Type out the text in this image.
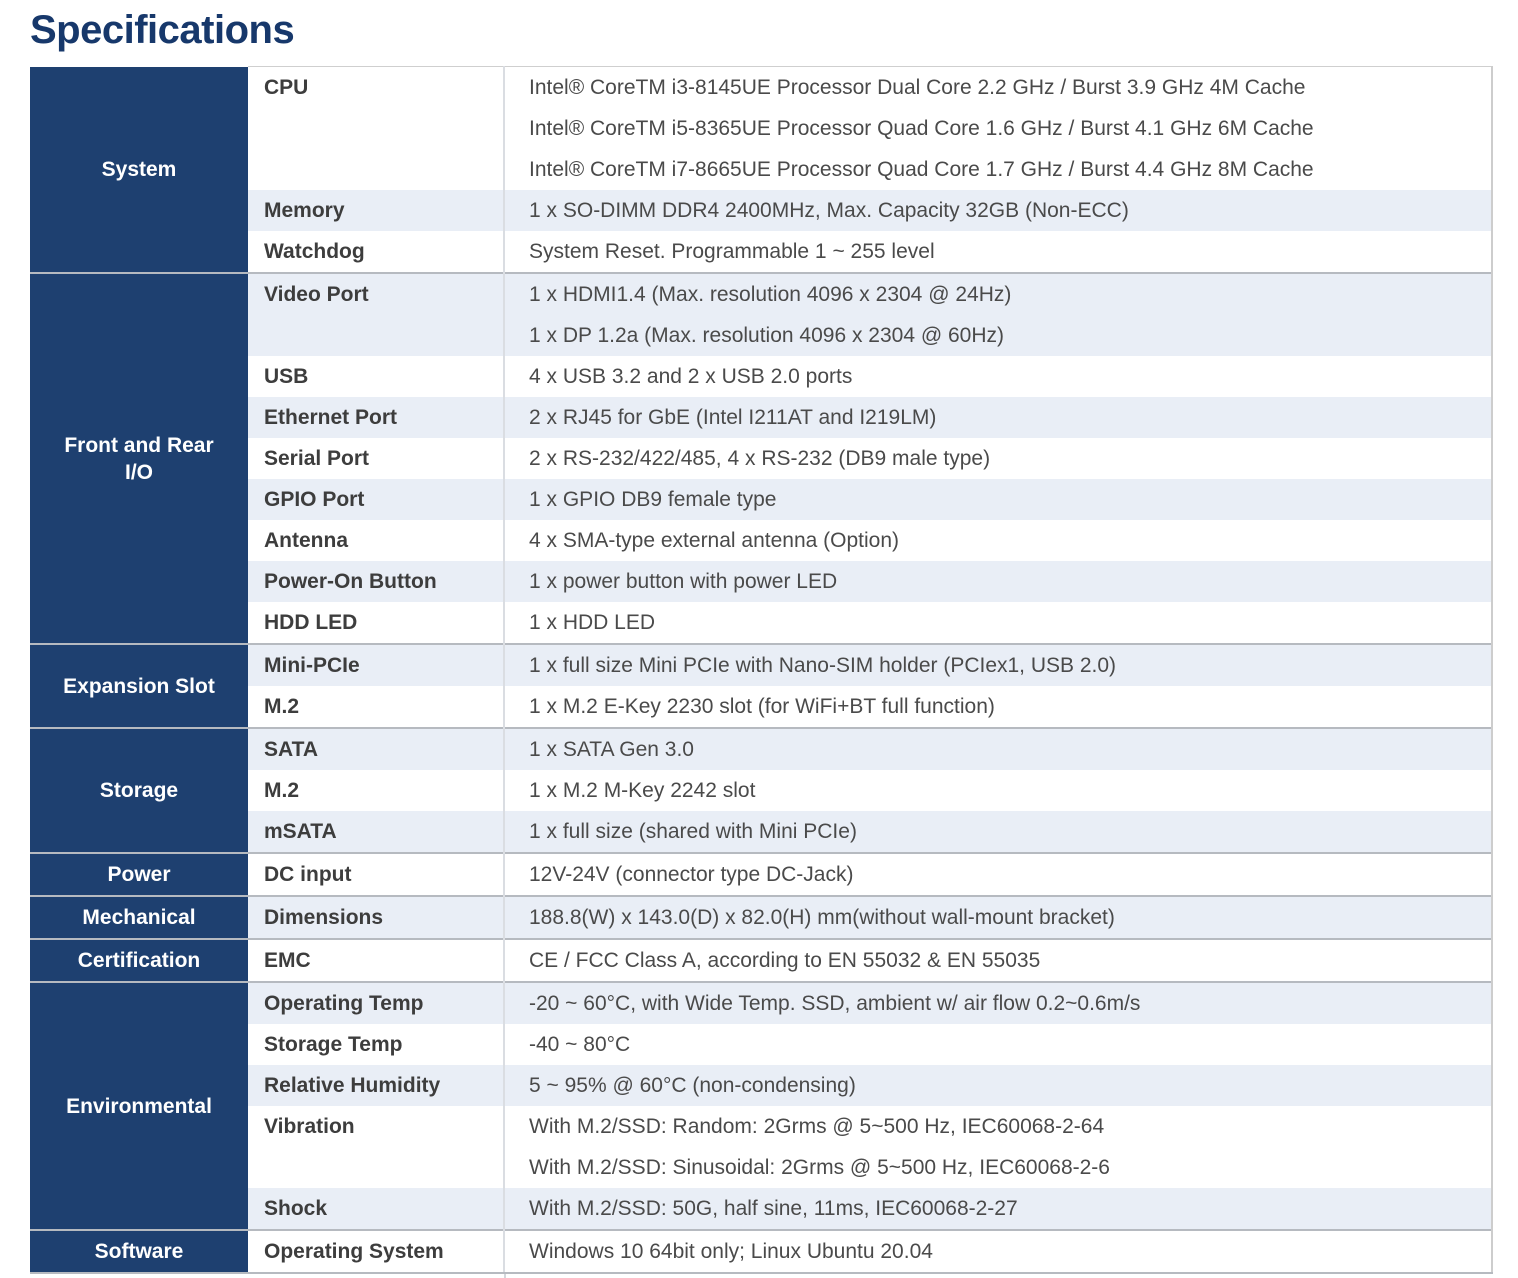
Specifications
System	CPU	Intel® CoreTM i3-8145UE Processor Dual Core 2.2 GHz / Burst 3.9 GHz 4M Cache
Intel® CoreTM i5-8365UE Processor Quad Core 1.6 GHz / Burst 4.1 GHz 6M Cache
Intel® CoreTM i7-8665UE Processor Quad Core 1.7 GHz / Burst 4.4 GHz 8M Cache

	Memory	1 x SO-DIMM DDR4 2400MHz, Max. Capacity 32GB (Non-ECC)

	Watchdog	System Reset. Programmable 1 ~ 255 level

Front and Rear I/O	Video Port	1 x HDMI1.4 (Max. resolution 4096 x 2304 @ 24Hz)
1 x DP 1.2a (Max. resolution 4096 x 2304 @ 60Hz)

	USB	4 x USB 3.2 and 2 x USB 2.0 ports

	Ethernet Port	2 x RJ45 for GbE (Intel I211AT and I219LM)

	Serial Port	2 x RS-232/422/485, 4 x RS-232 (DB9 male type)

	GPIO Port	1 x GPIO DB9 female type

	Antenna	4 x SMA-type external antenna (Option)

	Power-On Button	1 x power button with power LED

	HDD LED	1 x HDD LED

Expansion Slot	Mini-PCIe	1 x full size Mini PCIe with Nano-SIM holder (PCIex1, USB 2.0)

	M.2	1 x M.2 E-Key 2230 slot (for WiFi+BT full function)

Storage	SATA	1 x SATA Gen 3.0

	M.2	1 x M.2 M-Key 2242 slot

	mSATA	1 x full size (shared with Mini PCIe)

Power	DC input	12V-24V (connector type DC-Jack)

Mechanical	Dimensions	188.8(W) x 143.0(D) x 82.0(H) mm(without wall-mount bracket)

Certification	EMC	CE / FCC Class A, according to EN 55032 & EN 55035

Environmental	Operating Temp	-20 ~ 60°C, with Wide Temp. SSD, ambient w/ air flow 0.2~0.6m/s

	Storage Temp	-40 ~ 80°C

	Relative Humidity	5 ~ 95% @ 60°C (non-condensing)

	Vibration	With M.2/SSD: Random: 2Grms @ 5~500 Hz, IEC60068-2-64
With M.2/SSD: Sinusoidal: 2Grms @ 5~500 Hz, IEC60068-2-6

	Shock	With M.2/SSD: 50G, half sine, 11ms, IEC60068-2-27

Software	Operating System	Windows 10 64bit only; Linux Ubuntu 20.04
